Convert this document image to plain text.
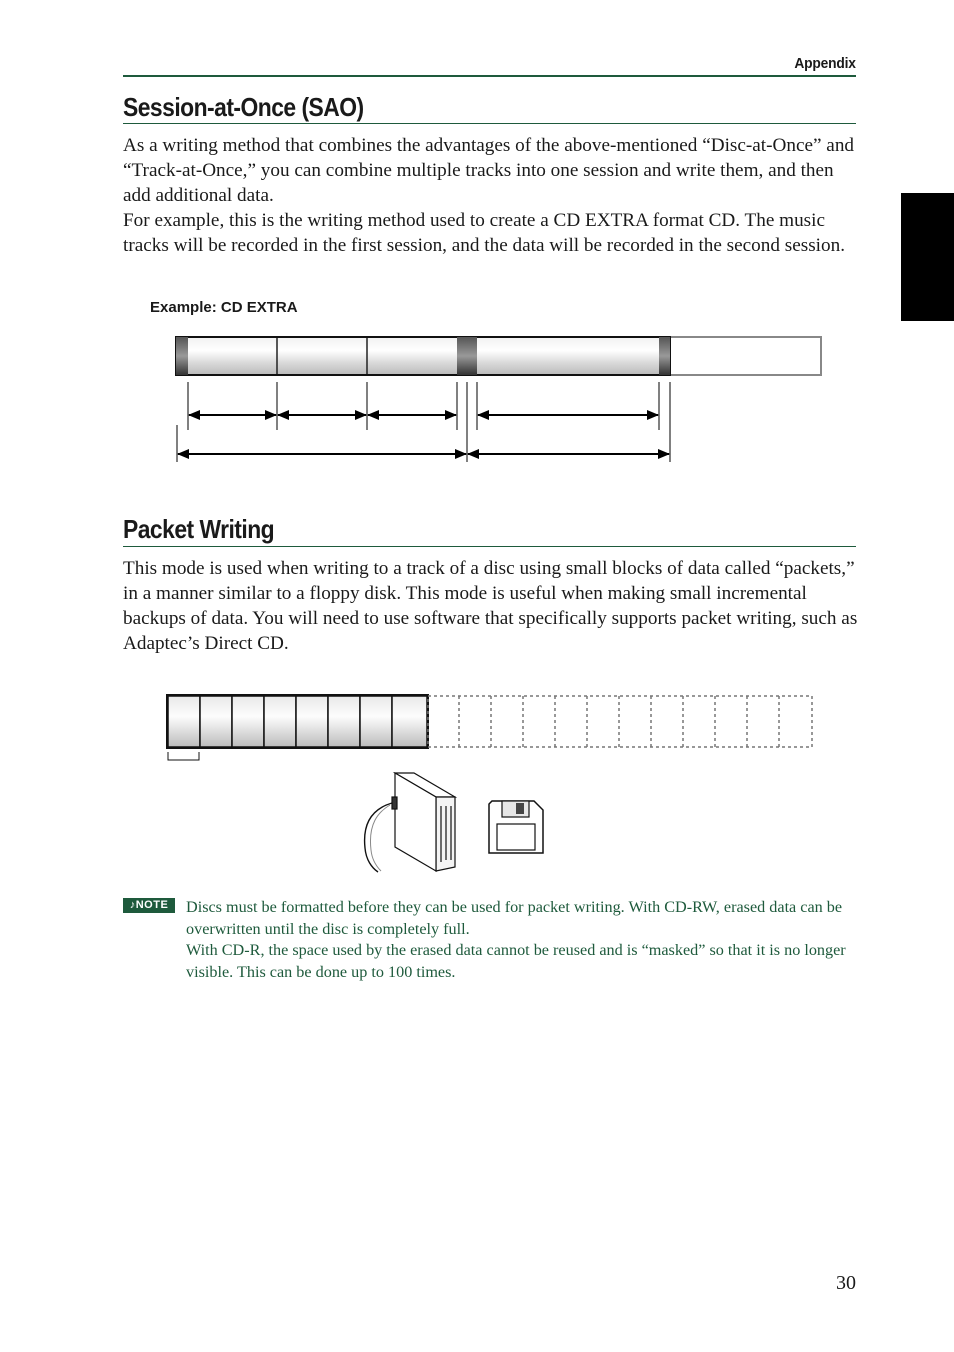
Appendix
Session-at-Once (SAO)

As a writing method that combines the advantages of the above-mentioned “Disc-at-Once” and “Track-at-Once,” you can combine multiple tracks into one session and write them, and then add additional data.

For example, this is the writing method used to create a CD EXTRA format CD. The music tracks will be recorded in the first session, and the data will be recorded in the second session.

Example: CD EXTRA
Packet Writing

This mode is used when writing to a track of a disc using small blocks of data called “packets,” in a manner similar to a floppy disk. This mode is useful when making small incremental backups of data. You will need to use software that specifically supports packet writing, such as Adaptec’s Direct CD.

♪NOTE	Discs must be formatted before they can be used for packet writing. With CD-RW, erased data can be overwritten until the disc is completely full.

With CD-R, the space used by the erased data cannot be reused and is “masked” so that it is no longer visible. This can be done up to 100 times.

30
